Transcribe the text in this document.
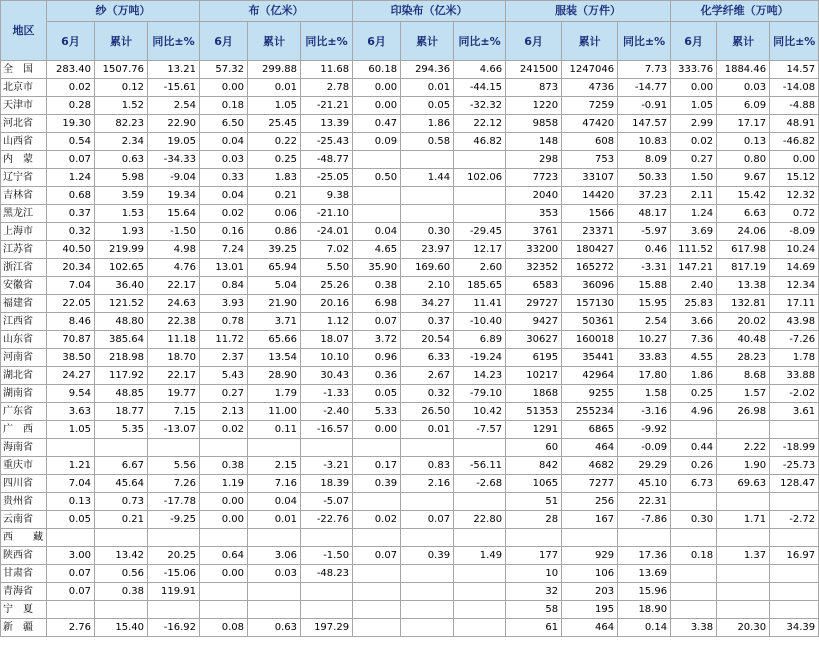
地区	纱（万吨）			布（亿米）			印染布（亿米）			服装（万件）			化学纤维（万吨）		
	6月	累计	同比±%	6月	累计	同比±%	6月	累计	同比±%	6月	累计	同比±%	6月	累计	同比±%
全　国	283.40	1507.76	13.21	57.32	299.88	11.68	60.18	294.36	4.66	241500	1247046	7.73	333.76	1884.46	14.57
北京市	0.02	0.12	-15.61	0.00	0.01	2.78	0.00	0.01	-44.15	873	4736	-14.77	0.00	0.03	-14.08
天津市	0.28	1.52	2.54	0.18	1.05	-21.21	0.00	0.05	-32.32	1220	7259	-0.91	1.05	6.09	-4.88
河北省	19.30	82.23	22.90	6.50	25.45	13.39	0.47	1.86	22.12	9858	47420	147.57	2.99	17.17	48.91
山西省	0.54	2.34	19.05	0.04	0.22	-25.43	0.09	0.58	46.82	148	608	10.83	0.02	0.13	-46.82
内　蒙	0.07	0.63	-34.33	0.03	0.25	-48.77				298	753	8.09	0.27	0.80	0.00
辽宁省	1.24	5.98	-9.04	0.33	1.83	-25.05	0.50	1.44	102.06	7723	33107	50.33	1.50	9.67	15.12
吉林省	0.68	3.59	19.34	0.04	0.21	9.38				2040	14420	37.23	2.11	15.42	12.32
黑龙江	0.37	1.53	15.64	0.02	0.06	-21.10				353	1566	48.17	1.24	6.63	0.72
上海市	0.32	1.93	-1.50	0.16	0.86	-24.01	0.04	0.30	-29.45	3761	23371	-5.97	3.69	24.06	-8.09
江苏省	40.50	219.99	4.98	7.24	39.25	7.02	4.65	23.97	12.17	33200	180427	0.46	111.52	617.98	10.24
浙江省	20.34	102.65	4.76	13.01	65.94	5.50	35.90	169.60	2.60	32352	165272	-3.31	147.21	817.19	14.69
安徽省	7.04	36.40	22.17	0.84	5.04	25.26	0.38	2.10	185.65	6583	36096	15.88	2.40	13.38	12.34
福建省	22.05	121.52	24.63	3.93	21.90	20.16	6.98	34.27	11.41	29727	157130	15.95	25.83	132.81	17.11
江西省	8.46	48.80	22.38	0.78	3.71	1.12	0.07	0.37	-10.40	9427	50361	2.54	3.66	20.02	43.98
山东省	70.87	385.64	11.18	11.72	65.66	18.07	3.72	20.54	6.89	30627	160018	10.27	7.36	40.48	-7.26
河南省	38.50	218.98	18.70	2.37	13.54	10.10	0.96	6.33	-19.24	6195	35441	33.83	4.55	28.23	1.78
湖北省	24.27	117.92	22.17	5.43	28.90	30.43	0.36	2.67	14.23	10217	42964	17.80	1.86	8.68	33.88
湖南省	9.54	48.85	19.77	0.27	1.79	-1.33	0.05	0.32	-79.10	1868	9255	1.58	0.25	1.57	-2.02
广东省	3.63	18.77	7.15	2.13	11.00	-2.40	5.33	26.50	10.42	51353	255234	-3.16	4.96	26.98	3.61
广　西	1.05	5.35	-13.07	0.02	0.11	-16.57	0.00	0.01	-7.57	1291	6865	-9.92			
海南省										60	464	-0.09	0.44	2.22	-18.99
重庆市	1.21	6.67	5.56	0.38	2.15	-3.21	0.17	0.83	-56.11	842	4682	29.29	0.26	1.90	-25.73
四川省	7.04	45.64	7.26	1.19	7.16	18.39	0.39	2.16	-2.68	1065	7277	45.10	6.73	69.63	128.47
贵州省	0.13	0.73	-17.78	0.00	0.04	-5.07				51	256	22.31			
云南省	0.05	0.21	-9.25	0.00	0.01	-22.76	0.02	0.07	22.80	28	167	-7.86	0.30	1.71	-2.72
西　　藏															
陕西省	3.00	13.42	20.25	0.64	3.06	-1.50	0.07	0.39	1.49	177	929	17.36	0.18	1.37	16.97
甘肃省	0.07	0.56	-15.06	0.00	0.03	-48.23				10	106	13.69			
青海省	0.07	0.38	119.91							32	203	15.96			
宁　夏										58	195	18.90			
新　疆	2.76	15.40	-16.92	0.08	0.63	197.29				61	464	0.14	3.38	20.30	34.39
